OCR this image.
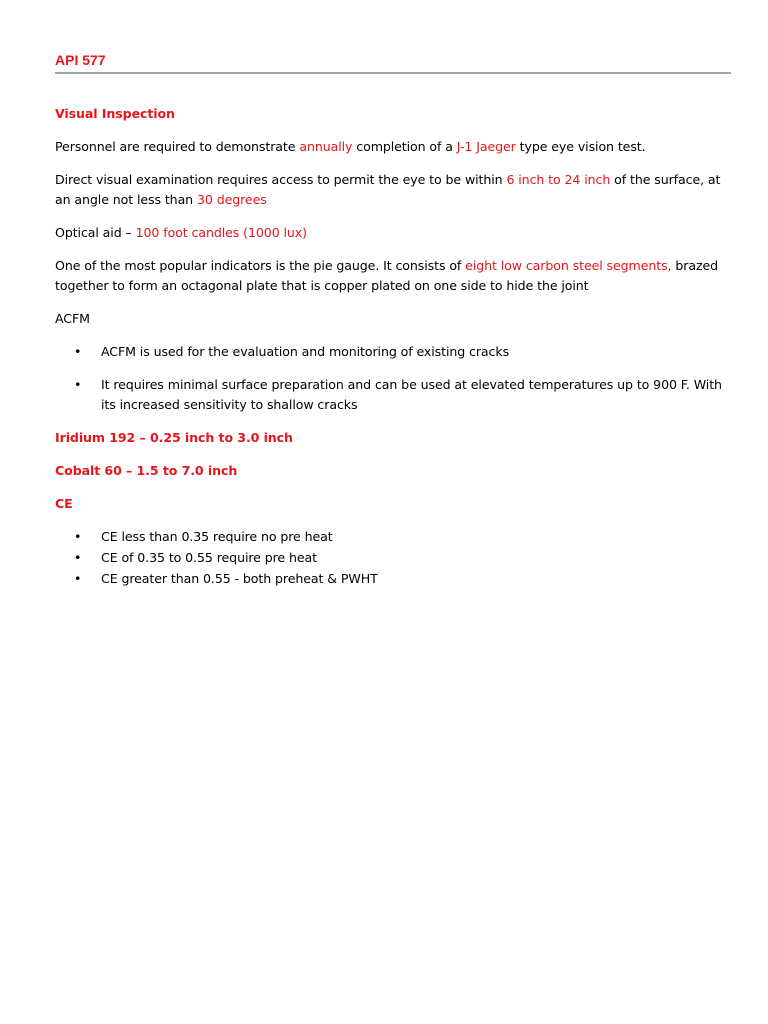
API 577

Visual Inspection

Personnel are required to demonstrate annually completion of a J-1 Jaeger type eye vision test.

Direct visual examination requires access to permit the eye to be within 6 inch to 24 inch of the surface, at an angle not less than 30 degrees

Optical aid – 100 foot candles (1000 lux)

One of the most popular indicators is the pie gauge. It consists of eight low carbon steel segments, brazed together to form an octagonal plate that is copper plated on one side to hide the joint

ACFM

• ACFM is used for the evaluation and monitoring of existing cracks
• It requires minimal surface preparation and can be used at elevated temperatures up to 900 F. With its increased sensitivity to shallow cracks

Iridium 192 – 0.25 inch to 3.0 inch

Cobalt 60 – 1.5 to 7.0 inch

CE

• CE less than 0.35 require no pre heat
• CE of 0.35 to 0.55 require pre heat
• CE greater than 0.55 - both preheat & PWHT
